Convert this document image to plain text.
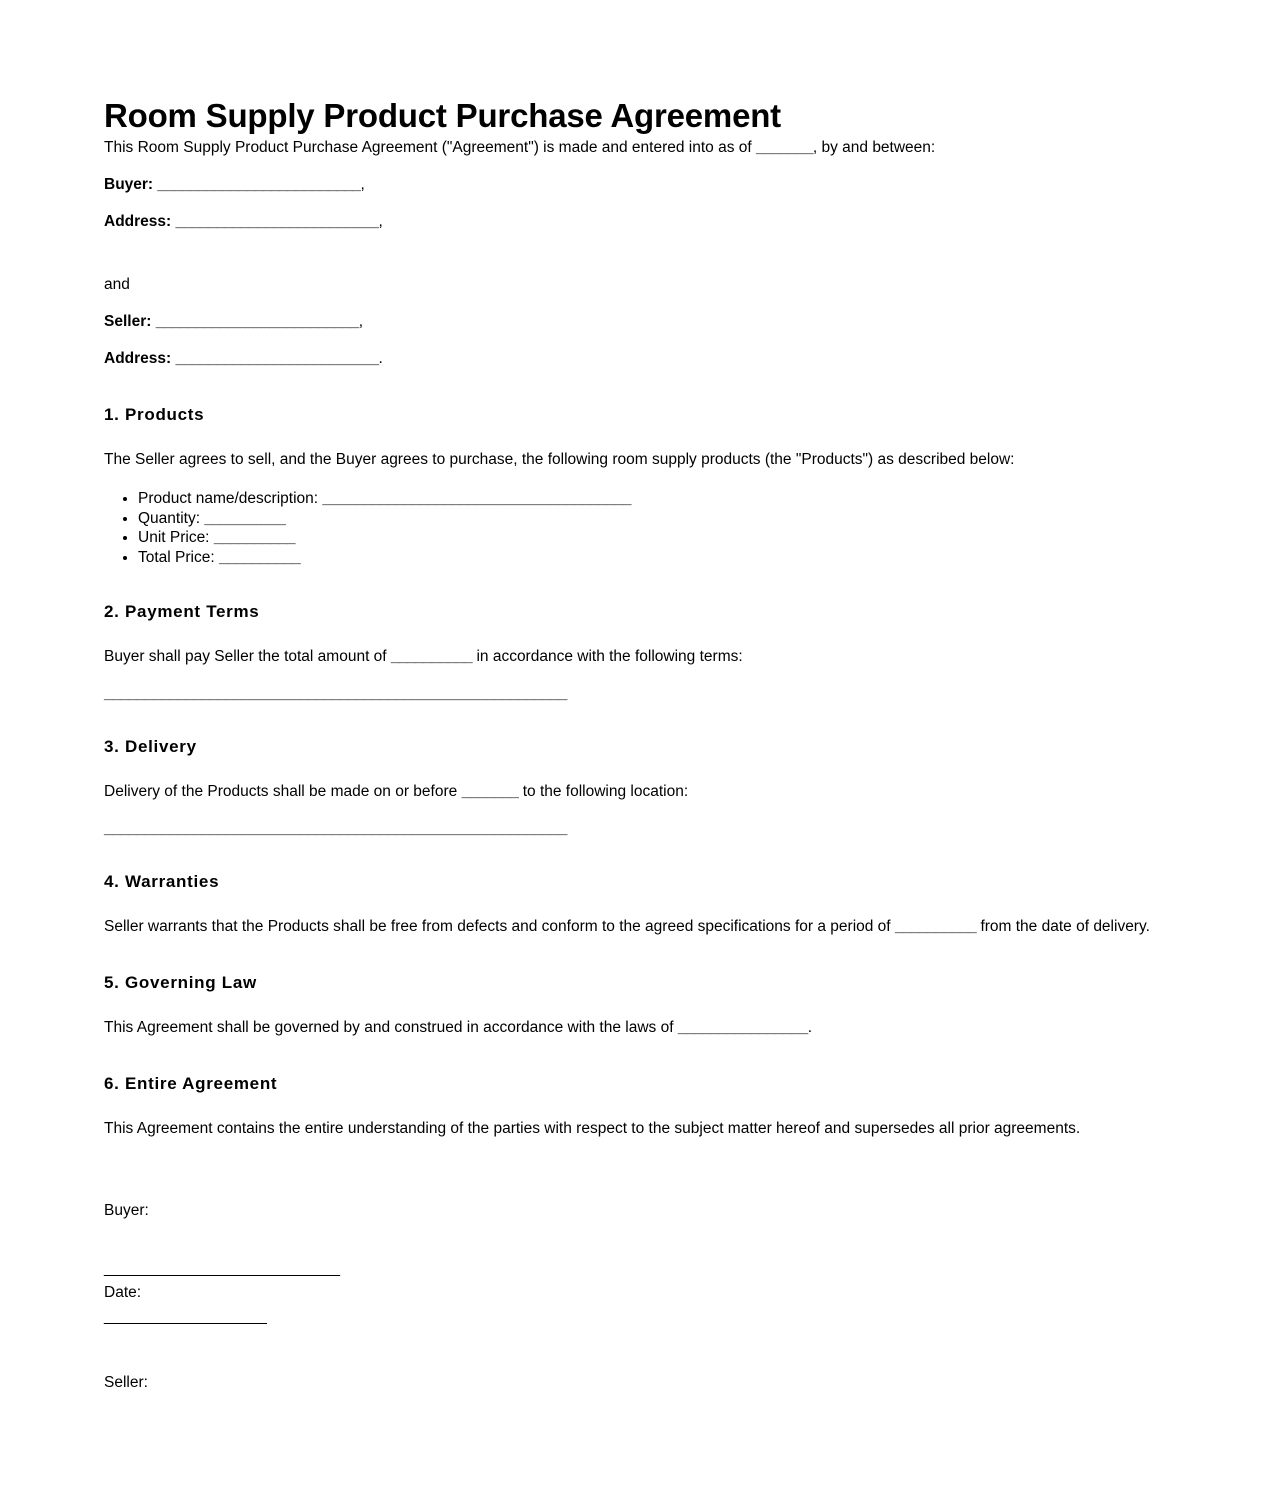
Room Supply Product Purchase Agreement

This Room Supply Product Purchase Agreement ("Agreement") is made and entered into as of _______, by and between:

Buyer: _________________________,

Address: _________________________,

and

Seller: _________________________,

Address: _________________________.

1. Products

The Seller agrees to sell, and the Buyer agrees to purchase, the following room supply products (the "Products") as described below:

• Product name/description: ______________________________________
• Quantity: __________
• Unit Price: __________
• Total Price: __________
2. Payment Terms

Buyer shall pay Seller the total amount of __________ in accordance with the following terms:

_________________________________________________________
3. Delivery

Delivery of the Products shall be made on or before _______ to the following location:

_________________________________________________________
4. Warranties

Seller warrants that the Products shall be free from defects and conform to the agreed specifications for a period of __________ from the date of delivery.

5. Governing Law

This Agreement shall be governed by and construed in accordance with the laws of ________________.

6. Entire Agreement

This Agreement contains the entire understanding of the parties with respect to the subject matter hereof and supersedes all prior agreements.

Buyer:

_____________________________

Date:

____________________

Seller:
